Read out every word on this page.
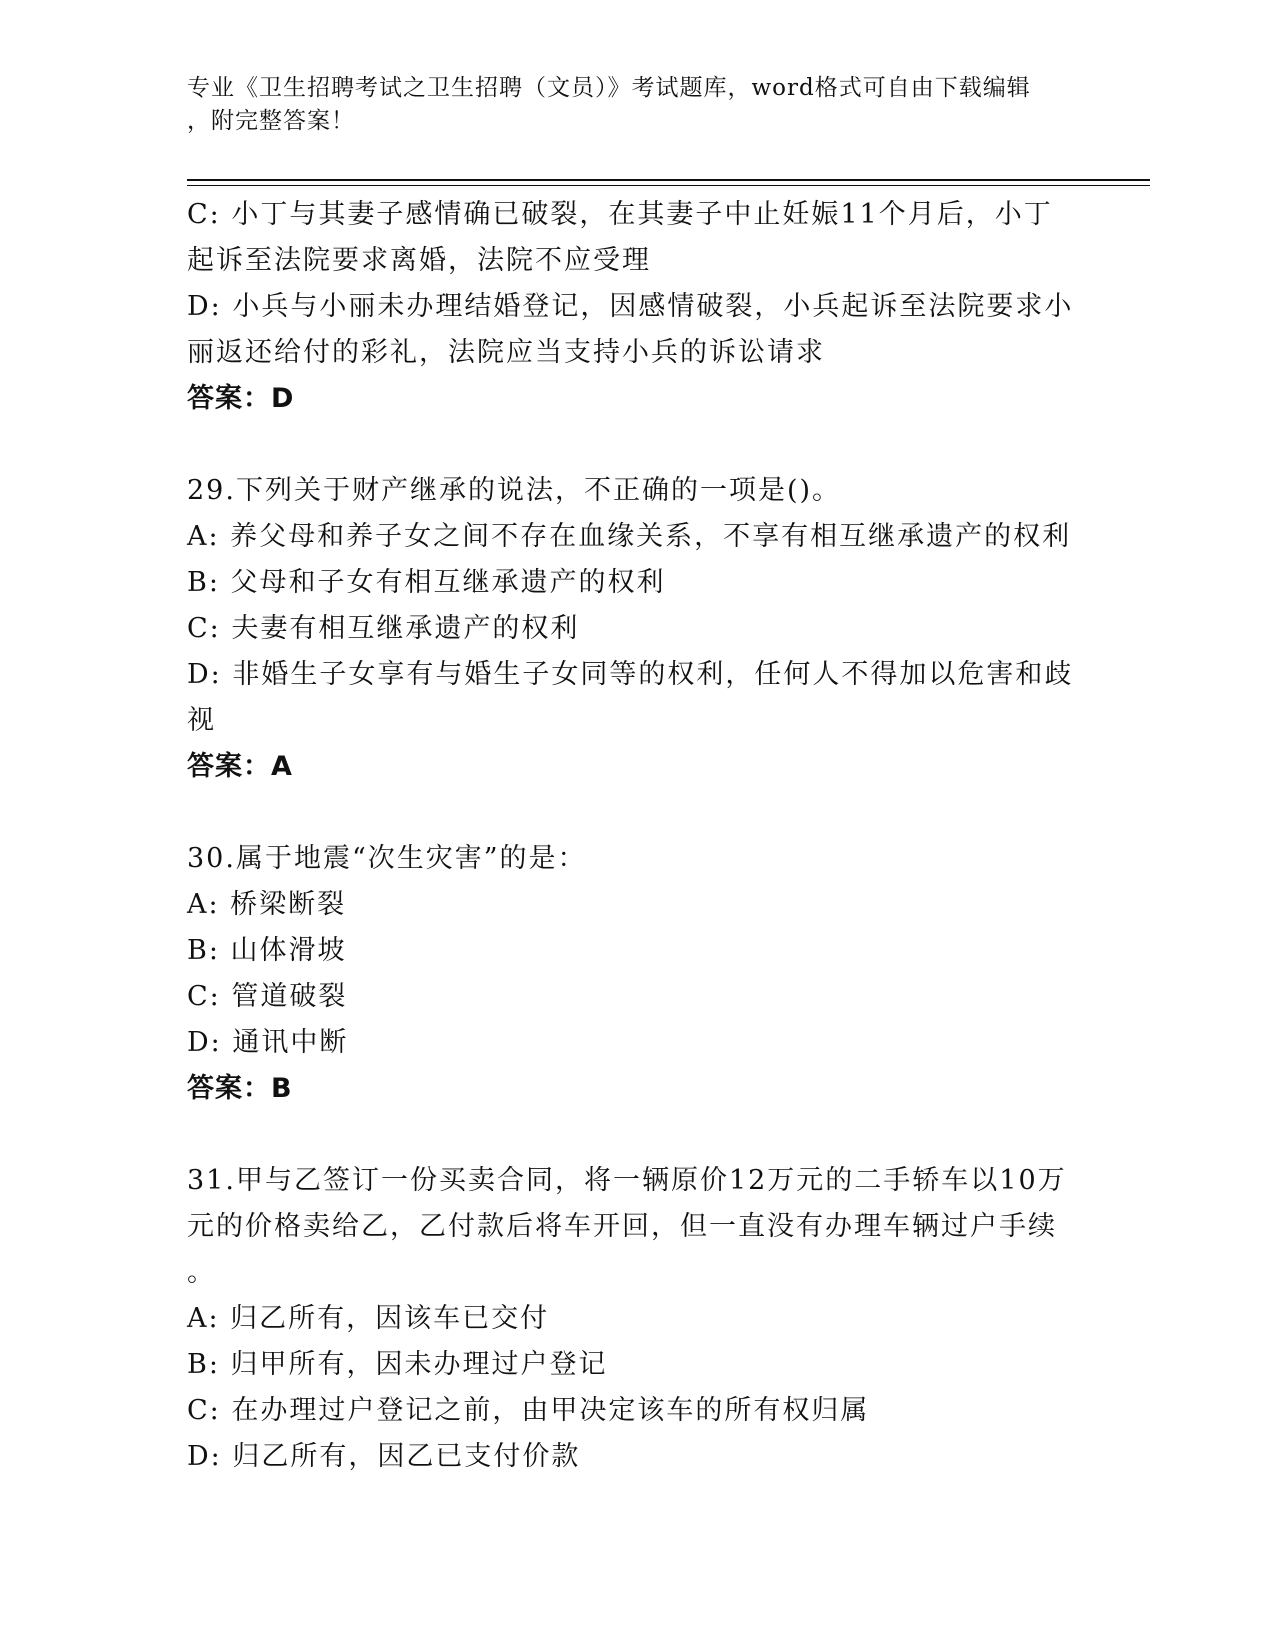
专业《卫生招聘考试之卫生招聘（文员）》考试题库，word格式可自由下载编辑
，附完整答案！
C: 小丁与其妻子感情确已破裂，在其妻子中止妊娠11个月后，小丁
起诉至法院要求离婚，法院不应受理
D: 小兵与小丽未办理结婚登记，因感情破裂，小兵起诉至法院要求小
丽返还给付的彩礼，法院应当支持小兵的诉讼请求
答案：D
29.下列关于财产继承的说法，不正确的一项是()。
A: 养父母和养子女之间不存在血缘关系，不享有相互继承遗产的权利
B: 父母和子女有相互继承遗产的权利
C: 夫妻有相互继承遗产的权利
D: 非婚生子女享有与婚生子女同等的权利，任何人不得加以危害和歧
视
答案：A
30.属于地震“次生灾害”的是：
A: 桥梁断裂
B: 山体滑坡
C: 管道破裂
D: 通讯中断
答案：B
31.甲与乙签订一份买卖合同，将一辆原价12万元的二手轿车以10万
元的价格卖给乙，乙付款后将车开回，但一直没有办理车辆过户手续
。
A: 归乙所有，因该车已交付
B: 归甲所有，因未办理过户登记
C: 在办理过户登记之前，由甲决定该车的所有权归属
D: 归乙所有，因乙已支付价款
